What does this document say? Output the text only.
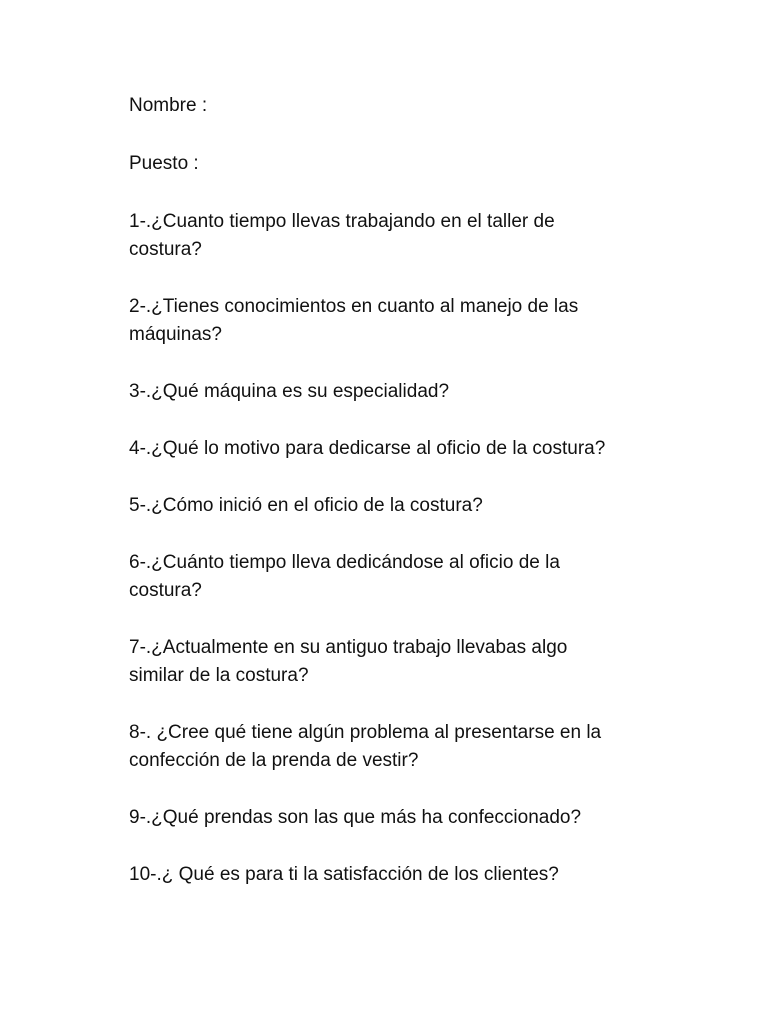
Nombre :
Puesto :
1-.¿Cuanto tiempo llevas trabajando en el taller de
costura?
2-.¿Tienes conocimientos en cuanto al manejo de las
máquinas?
3-.¿Qué máquina es su especialidad?
4-.¿Qué lo motivo para dedicarse al oficio de la costura?
5-.¿Cómo inició en el oficio de la costura?
6-.¿Cuánto tiempo lleva dedicándose al oficio de la
costura?
7-.¿Actualmente en su antiguo trabajo llevabas algo
similar de la costura?
8-. ¿Cree qué tiene algún problema al presentarse en la
confección de la prenda de vestir?
9-.¿Qué prendas son las que más ha confeccionado?
10-.¿ Qué es para ti la satisfacción de los clientes?
